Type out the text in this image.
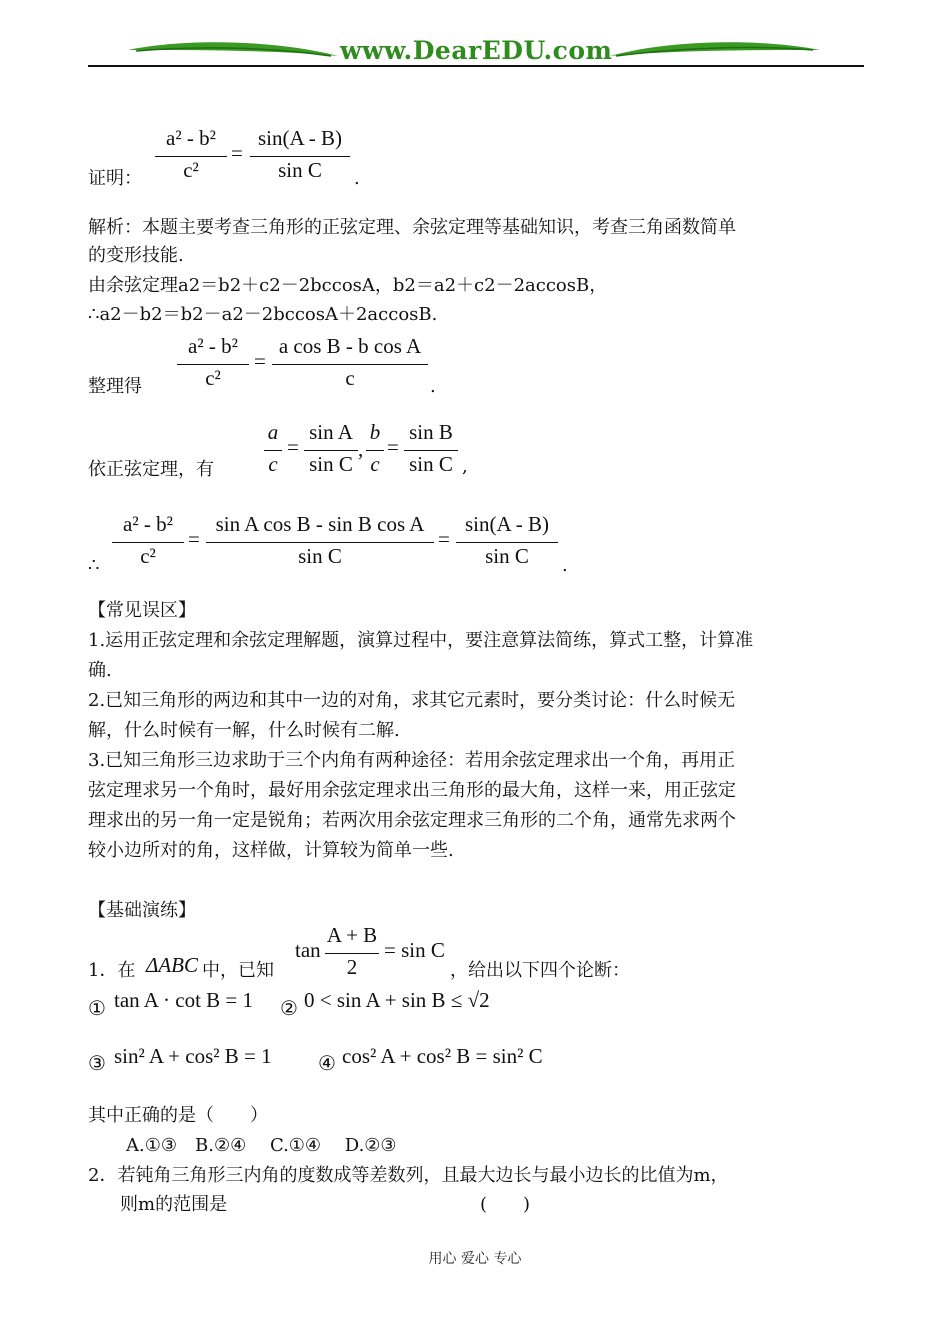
www.DearEDU.com
证明：
a² - b²
c²
=
sin(A - B)
sin C	.
解析：本题主要考查三角形的正弦定理、余弦定理等基础知识，考查三角函数简单
的变形技能.
由余弦定理a2＝b2＋c2－2bccosA，b2＝a2＋c2－2accosB，
∴a2－b2＝b2－a2－2bccosA＋2accosB.
整理得
a² - b²
c²
=
a cos B - b cos A
c	.
依正弦定理，有
a
c
=
sin A
sin C
,
b
c
=
sin B
sin C ,
∴
a² - b²
c²
=
sin A cos B - sin B cos A
sin C
=
sin(A - B)
sin C	.
【常见误区】
1.运用正弦定理和余弦定理解题，演算过程中，要注意算法简练，算式工整，计算准
确.
2.已知三角形的两边和其中一边的对角，求其它元素时，要分类讨论：什么时候无
解，什么时候有一解，什么时候有二解.
3.已知三角形三边求助于三个内角有两种途径：若用余弦定理求出一个角，再用正
弦定理求另一个角时，最好用余弦定理求出三角形的最大角，这样一来，用正弦定
理求出的另一角一定是锐角；若两次用余弦定理求三角形的二个角，通常先求两个
较小边所对的角，这样做，计算较为简单一些.
【基础演练】
1．在 ΔABC 中，已知
tan
A + B
2
= sin C
，给出以下四个论断：
① tan A · cot B = 1 ② 0 < sin A + sin B ≤ √2
③ sin² A + cos² B = 1 ④ cos² A + cos² B = sin² C
其中正确的是（　　）
A.①③　B.②④　 C.①④　 D.②③
2．若钝角三角形三内角的度数成等差数列，且最大边长与最小边长的比值为m，
则m的范围是	(　　)
用心 爱心 专心
